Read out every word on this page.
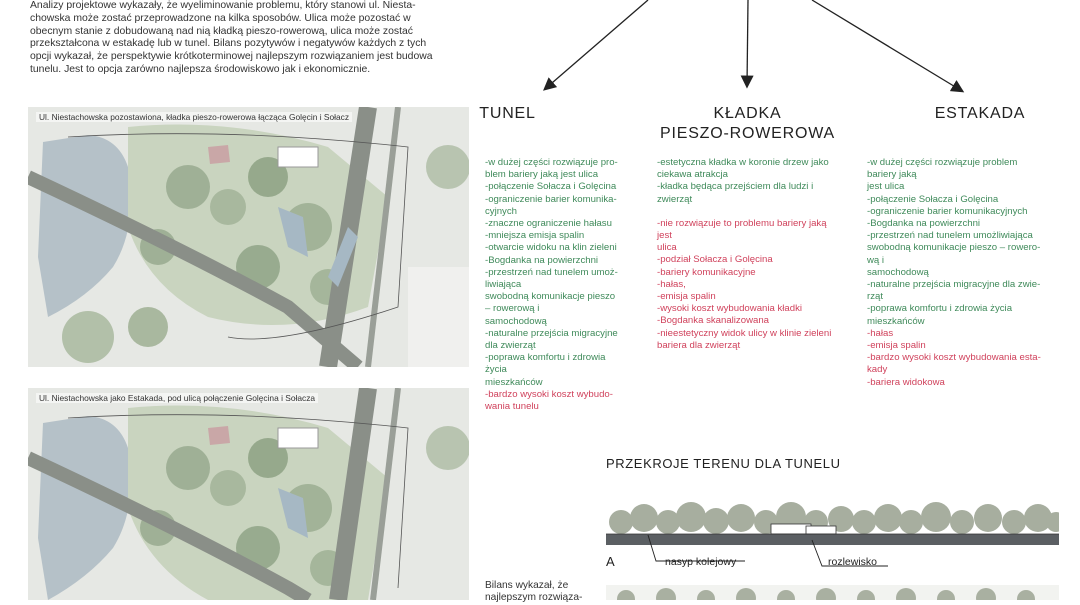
Analizy projektowe wykazały, że wyeliminowanie problemu, który stanowi ul. Niesta-
chowska może zostać przeprowadzone na kilka sposobów. Ulica może pozostać w
obecnym stanie z dobudowaną nad nią kładką pieszo-rowerową, ulica może zostać
przekształcona w estakadę lub w tunel. Bilans pozytywów i negatywów każdych z tych
opcji wykazał, że perspektywie krótkoterminowej najlepszym rozwiązaniem jest budowa
tunelu. Jest to opcja zarówno najlepsza środowiskowo jak i ekonomicznie.
TUNEL	KŁADKA
PIESZO-ROWEROWA
ESTAKADA
-w dużej części rozwiązuje pro-
blem bariery jaką jest ulica
-połączenie Sołacza i Golęcina
-ograniczenie barier komunika-
cyjnych
-znaczne ograniczenie hałasu
-mniejsza emisja spalin
-otwarcie widoku na klin zieleni
-Bogdanka na powierzchni
-przestrzeń nad tunelem umoż-
liwiająca
swobodną komunikacje pieszo
– rowerową i
samochodową
-naturalne przejścia migracyjne
dla zwierząt
-poprawa komfortu i zdrowia
życia
mieszkańców
-bardzo wysoki koszt wybudo-
wania tunelu
-estetyczna kładka w koronie drzew jako
ciekawa atrakcja
-kładka będąca przejściem dla ludzi i
zwierząt
-nie rozwiązuje to problemu bariery jaką
jest
ulica
-podział Sołacza i Golęcina
-bariery komunikacyjne
-hałas,
-emisja spalin
-wysoki koszt wybudowania kładki
-Bogdanka skanalizowana
-nieestetyczny widok ulicy w klinie zieleni
bariera dla zwierząt
-w dużej części rozwiązuje problem
bariery jaką
jest ulica
-połączenie Sołacza i Golęcina
-ograniczenie barier komunikacyjnych
-Bogdanka na powierzchni
-przestrzeń nad tunelem umożliwiająca
swobodną komunikacje pieszo – rowero-
wą i
samochodową
-naturalne przejścia migracyjne dla zwie-
rząt
-poprawa komfortu i zdrowia życia
mieszkańców
-hałas
-emisja spalin
-bardzo wysoki koszt wybudowania esta-
kady
-bariera widokowa
Ul. Niestachowska pozostawiona, kładka pieszo-rowerowa łącząca Golęcin i Sołacz
Ul. Niestachowska jako Estakada, pod ulicą połączenie Golęcina i Sołacza
PRZEKROJE TERENU DLA TUNELU
A	nasyp kolejowy	rozlewisko
Bilans wykazał, że
najlepszym rozwiąza-
